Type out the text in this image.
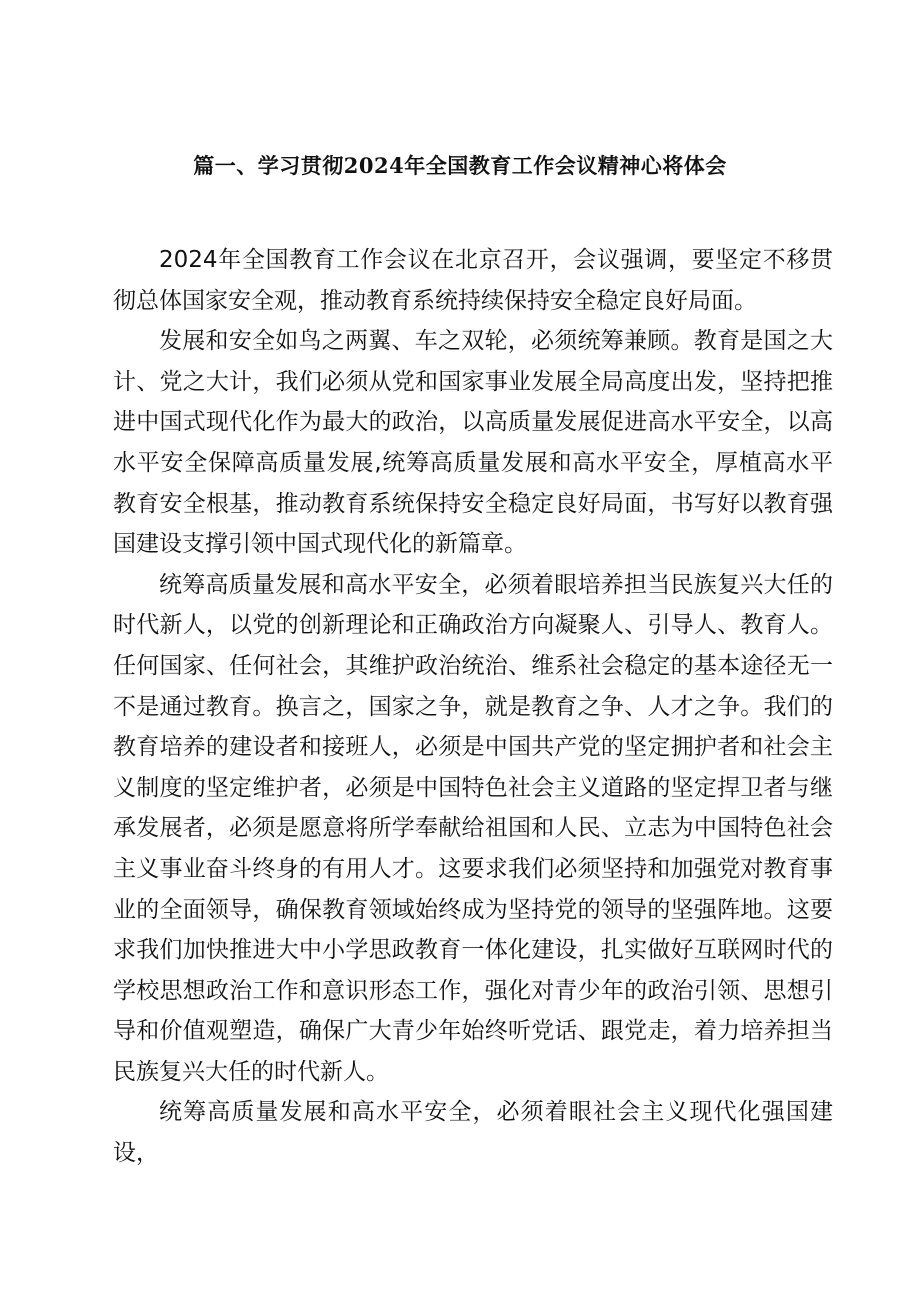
篇一、学习贯彻2024年全国教育工作会议精神心将体会

2024年全国教育工作会议在北京召开，会议强调，要坚定不移贯彻总体国家安全观，推动教育系统持续保持安全稳定良好局面。

发展和安全如鸟之两翼、车之双轮，必须统筹兼顾。教育是国之大计、党之大计，我们必须从党和国家事业发展全局高度出发，坚持把推进中国式现代化作为最大的政治，以高质量发展促进高水平安全，以高水平安全保障高质量发展,统筹高质量发展和高水平安全，厚植高水平教育安全根基，推动教育系统保持安全稳定良好局面，书写好以教育强国建设支撑引领中国式现代化的新篇章。

统筹高质量发展和高水平安全，必须着眼培养担当民族复兴大任的时代新人，以党的创新理论和正确政治方向凝聚人、引导人、教育人。任何国家、任何社会，其维护政治统治、维系社会稳定的基本途径无一不是通过教育。换言之，国家之争，就是教育之争、人才之争。我们的教育培养的建设者和接班人，必须是中国共产党的坚定拥护者和社会主义制度的坚定维护者，必须是中国特色社会主义道路的坚定捍卫者与继承发展者，必须是愿意将所学奉献给祖国和人民、立志为中国特色社会主义事业奋斗终身的有用人才。这要求我们必须坚持和加强党对教育事业的全面领导，确保教育领域始终成为坚持党的领导的坚强阵地。这要求我们加快推进大中小学思政教育一体化建设，扎实做好互联网时代的学校思想政治工作和意识形态工作，强化对青少年的政治引领、思想引导和价值观塑造，确保广大青少年始终听党话、跟党走，着力培养担当民族复兴大任的时代新人。

统筹高质量发展和高水平安全，必须着眼社会主义现代化强国建设，
